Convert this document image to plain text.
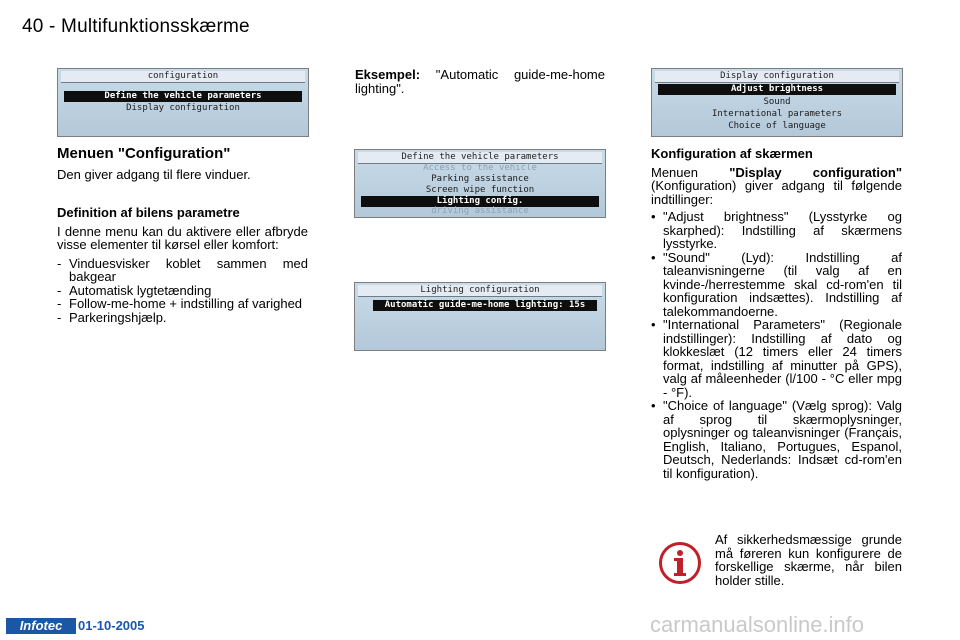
40 - Multifunktionsskærme
configuration
Define the vehicle parameters
Display configuration
Menuen "Configuration"
Den giver adgang til flere vinduer.
Definition af bilens parametre
I denne menu kan du aktivere eller afbryde visse elementer til kørsel eller komfort:
- Vinduesvisker koblet sammen med bakgear
- Automatisk lygtetænding
- Follow-me-home + indstilling af varighed
- Parkeringshjælp.
Eksempel: "Automatic guide-me-home lighting".
Define the vehicle parameters
Access to the vehicle
Parking assistance
Screen wipe function
Lighting config.
driving assistance
Lighting configuration
Automatic guide-me-home lighting: 15s
Display configuration
Adjust brightness
Sound
International parameters
Choice of language
Konfiguration af skærmen
Menuen "Display configuration" (Konfiguration) giver adgang til følgende indtillinger:
• "Adjust brightness" (Lysstyrke og skarphed): Indstilling af skærmens lysstyrke.
• "Sound" (Lyd): Indstilling af taleanvisningerne (til valg af en kvinde-/herrestemme skal cd-rom'en til konfiguration indsættes). Indstilling af talekommandoerne.
• "International Parameters" (Regionale indstillinger): Indstilling af dato og klokkeslæt (12 timers eller 24 timers format, indstilling af minutter på GPS), valg af måleenheder (l/100 - °C eller mpg - °F).
• "Choice of language" (Vælg sprog): Valg af sprog til skærmoplysninger, oplysninger og taleanvisninger (Français, English, Italiano, Portugues, Espanol, Deutsch, Nederlands: Indsæt cd-rom'en til konfiguration).
Af sikkerhedsmæssige grunde må føreren kun konfigurere de forskellige skærme, når bilen holder stille.
Infotec	01-10-2005	carmanualsonline.info
